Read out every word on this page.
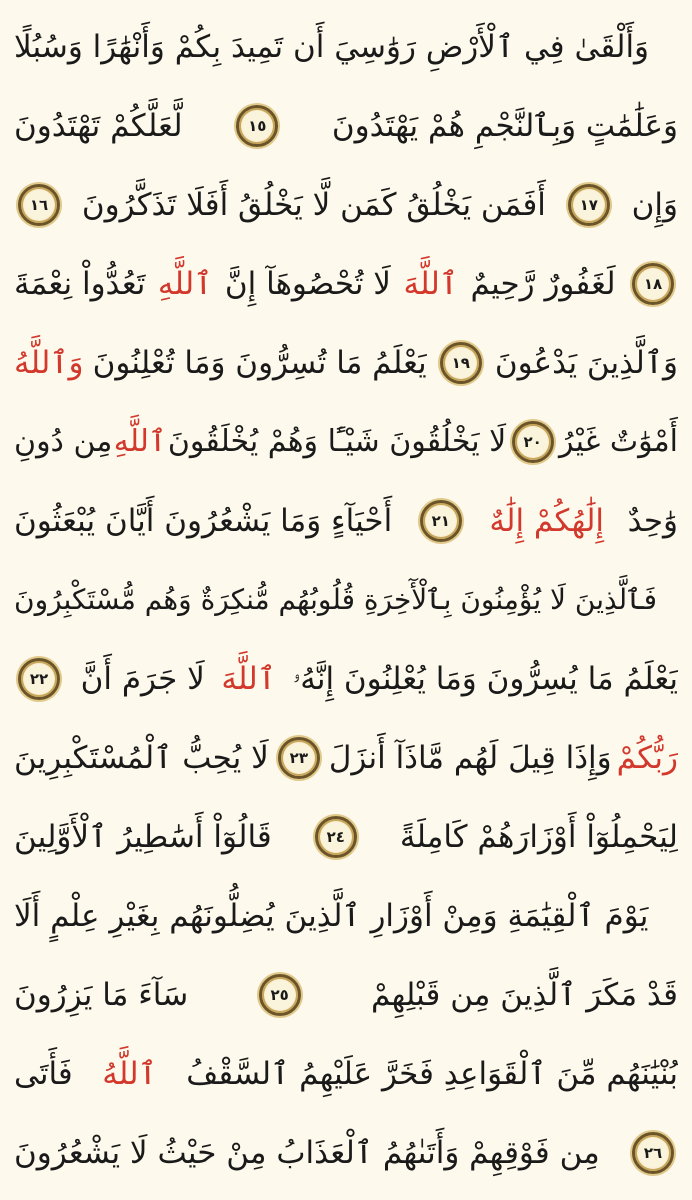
وَأَلْقَىٰ فِي ٱلْأَرْضِ رَوَٰسِيَ أَن تَمِيدَ بِكُمْ وَأَنْهَٰرًا وَسُبُلًا
لَّعَلَّكُمْ تَهْتَدُونَ	١٥	وَعَلَٰمَٰتٍ وَبِٱلنَّجْمِ هُمْ يَهْتَدُونَ
١٦	أَفَمَن يَخْلُقُ كَمَن لَّا يَخْلُقُ أَفَلَا تَذَكَّرُونَ	١٧	وَإِن
تَعُدُّواْ نِعْمَةَ ٱللَّهِ لَا تُحْصُوهَآ إِنَّ ٱللَّهَ لَغَفُورٌ رَّحِيمٌ	١٨
وَٱللَّهُ يَعْلَمُ مَا تُسِرُّونَ وَمَا تُعْلِنُونَ	١٩ وَٱلَّذِينَ يَدْعُونَ
مِن دُونِ ٱللَّهِ لَا يَخْلُقُونَ شَيْـًٔا وَهُمْ يُخْلَقُونَ	٢٠ أَمْوَٰتٌ غَيْرُ
أَحْيَآءٍ وَمَا يَشْعُرُونَ أَيَّانَ يُبْعَثُونَ	٢١	إِلَٰهُكُمْ إِلَٰهٌ وَٰحِدٌ
فَٱلَّذِينَ لَا يُؤْمِنُونَ بِٱلْأٓخِرَةِ قُلُوبُهُم مُّنكِرَةٌ وَهُم مُّسْتَكْبِرُونَ
٢٢	لَا جَرَمَ أَنَّ ٱللَّهَ يَعْلَمُ مَا يُسِرُّونَ وَمَا يُعْلِنُونَ إِنَّهُۥ
لَا يُحِبُّ ٱلْمُسْتَكْبِرِينَ	٢٣ وَإِذَا قِيلَ لَهُم مَّاذَآ أَنزَلَ رَبُّكُمْ
قَالُوٓاْ أَسَٰطِيرُ ٱلْأَوَّلِينَ	٢٤	لِيَحْمِلُوٓاْ أَوْزَارَهُمْ كَامِلَةً
يَوْمَ ٱلْقِيَٰمَةِ وَمِنْ أَوْزَارِ ٱلَّذِينَ يُضِلُّونَهُم بِغَيْرِ عِلْمٍ أَلَا
سَآءَ مَا يَزِرُونَ	٢٥	قَدْ مَكَرَ ٱلَّذِينَ مِن قَبْلِهِمْ
فَأَتَى ٱللَّهُ بُنْيَٰنَهُم مِّنَ ٱلْقَوَاعِدِ فَخَرَّ عَلَيْهِمُ ٱلسَّقْفُ
مِن فَوْقِهِمْ وَأَتَىٰهُمُ ٱلْعَذَابُ مِنْ حَيْثُ لَا يَشْعُرُونَ	٢٦
